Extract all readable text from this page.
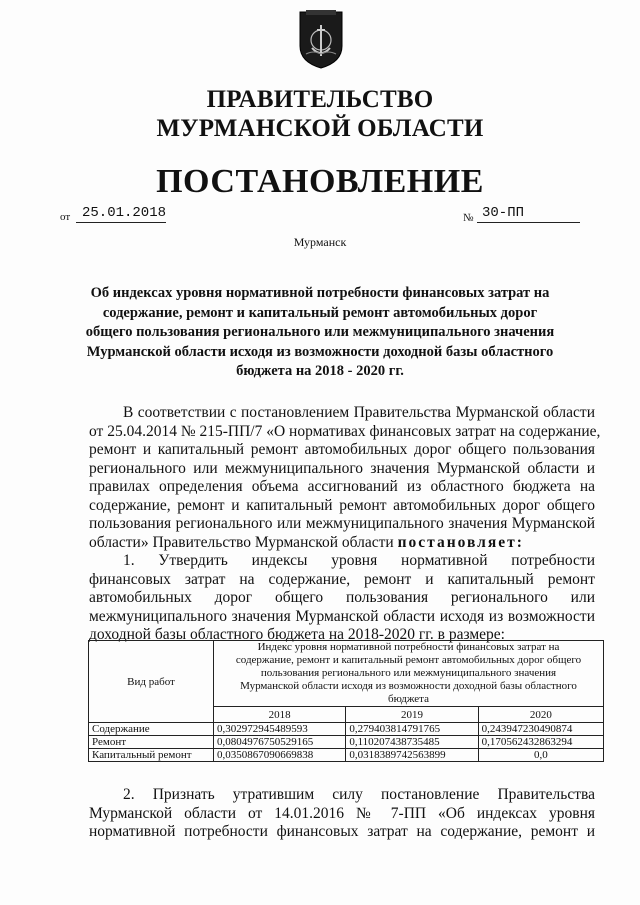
ПРАВИТЕЛЬСТВО
МУРМАНСКОЙ ОБЛАСТИ
ПОСТАНОВЛЕНИЕ
от 25.01.2018	№ 30-ПП
Мурманск
Об индексах уровня нормативной потребности финансовых затрат на
содержание, ремонт и капитальный ремонт автомобильных дорог
общего пользования регионального или межмуниципального значения
Мурманской области исходя из возможности доходной базы областного
бюджета на 2018 - 2020 гг.
В соответствии с постановлением Правительства Мурманской области
от 25.04.2014 № 215-ПП/7 «О нормативах финансовых затрат на содержание,
ремонт и капитальный ремонт автомобильных дорог общего пользования
регионального или межмуниципального значения Мурманской области и
правилах определения объема ассигнований из областного бюджета на
содержание, ремонт и капитальный ремонт автомобильных дорог общего
пользования регионального или межмуниципального значения Мурманской
области» Правительство Мурманской области постановляет:
1. Утвердить индексы уровня нормативной потребности
финансовых затрат на содержание, ремонт и капитальный ремонт
автомобильных дорог общего пользования регионального или
межмуниципального значения Мурманской области исходя из возможности
доходной базы областного бюджета на 2018-2020 гг. в размере:
Вид работ	Индекс уровня нормативной потребности финансовых затрат на
содержание, ремонт и капитальный ремонт автомобильных дорог общего
пользования регионального или межмуниципального значения
Мурманской области исходя из возможности доходной базы областного
бюджета		

	2018	2019	2020
Содержание	0,302972945489593	0,279403814791765	0,243947230490874
Ремонт	0,0804976750529165	0,110207438735485	0,170562432863294
Капитальный ремонт	0,0350867090669838	0,0318389742563899	0,0
2. Признать утратившим силу постановление Правительства
Мурманской области от 14.01.2016 № 7-ПП «Об индексах уровня
нормативной потребности финансовых затрат на содержание, ремонт и
